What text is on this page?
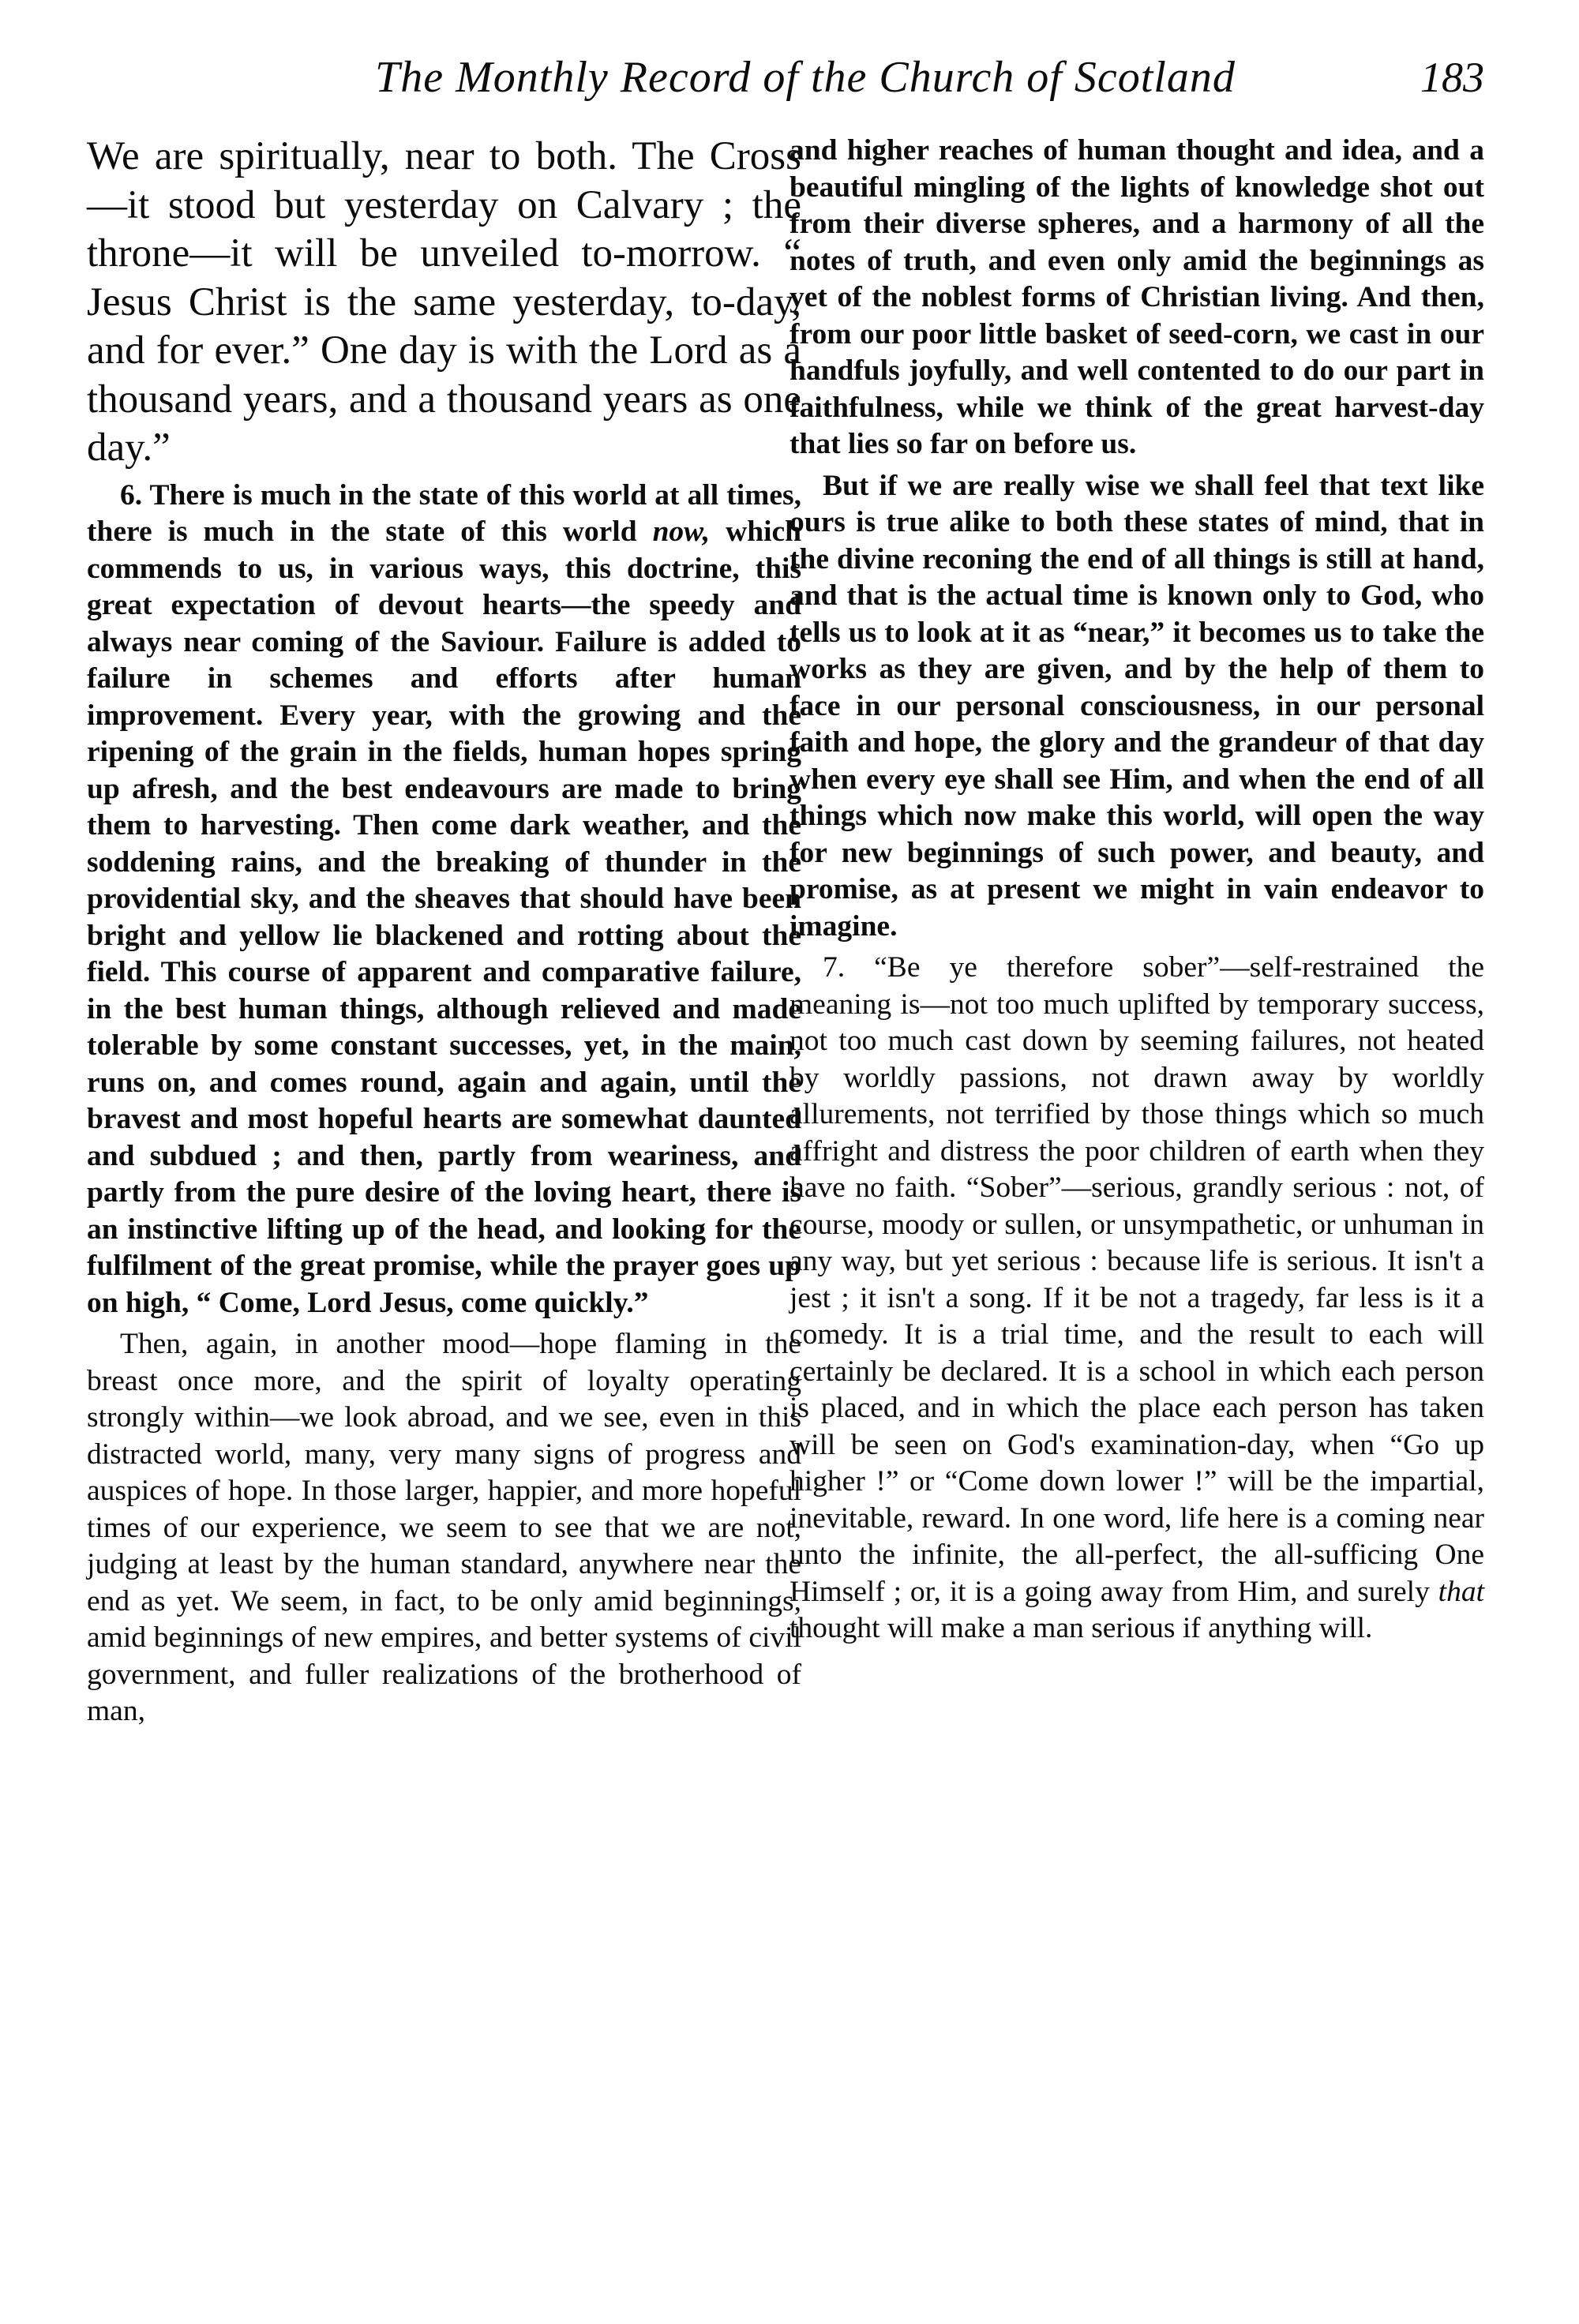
The Monthly Record of the Church of Scotland	183

We are spiritually, near to both. The Cross—it stood but yesterday on Calvary ; the throne—it will be unveiled to-morrow. “ Jesus Christ is the same yesterday, to-day, and for ever.” One day is with the Lord as a thousand years, and a thousand years as one day.”

6. There is much in the state of this world at all times, there is much in the state of this world now, which commends to us, in various ways, this doctrine, this great expectation of devout hearts—the speedy and always near coming of the Saviour. Failure is added to failure in schemes and efforts after human improvement. Every year, with the growing and the ripening of the grain in the fields, human hopes spring up afresh, and the best endeavours are made to bring them to harvesting. Then come dark weather, and the soddening rains, and the breaking of thunder in the providential sky, and the sheaves that should have been bright and yellow lie blackened and rotting about the field. This course of apparent and comparative failure, in the best human things, although relieved and made tolerable by some constant successes, yet, in the main, runs on, and comes round, again and again, until the bravest and most hopeful hearts are somewhat daunted and subdued ; and then, partly from weariness, and partly from the pure desire of the loving heart, there is an instinctive lifting up of the head, and looking for the fulfilment of the great promise, while the prayer goes up on high, “ Come, Lord Jesus, come quickly.”

Then, again, in another mood—hope flaming in the breast once more, and the spirit of loyalty operating strongly within—we look abroad, and we see, even in this distracted world, many, very many signs of progress and auspices of hope. In those larger, happier, and more hopeful times of our experience, we seem to see that we are not, judging at least by the human standard, anywhere near the end as yet. We seem, in fact, to be only amid beginnings, amid beginnings of new empires, and better systems of civil government, and fuller realizations of the brotherhood of man,

and higher reaches of human thought and idea, and a beautiful mingling of the lights of knowledge shot out from their diverse spheres, and a harmony of all the notes of truth, and even only amid the beginnings as yet of the noblest forms of Christian living. And then, from our poor little basket of seed-corn, we cast in our handfuls joyfully, and well contented to do our part in faithfulness, while we think of the great harvest-day that lies so far on before us.

But if we are really wise we shall feel that text like ours is true alike to both these states of mind, that in the divine reconing the end of all things is still at hand, and that is the actual time is known only to God, who tells us to look at it as “near,” it becomes us to take the works as they are given, and by the help of them to face in our personal consciousness, in our personal faith and hope, the glory and the grandeur of that day when every eye shall see Him, and when the end of all things which now make this world, will open the way for new beginnings of such power, and beauty, and promise, as at present we might in vain endeavor to imagine.

7. “Be ye therefore sober”—self-restrained the meaning is—not too much uplifted by temporary success, not too much cast down by seeming failures, not heated by worldly passions, not drawn away by worldly allurements, not terrified by those things which so much affright and distress the poor children of earth when they have no faith. “Sober”—serious, grandly serious : not, of course, moody or sullen, or unsympathetic, or unhuman in any way, but yet serious : because life is serious. It isn't a jest ; it isn't a song. If it be not a tragedy, far less is it a comedy. It is a trial time, and the result to each will certainly be declared. It is a school in which each person is placed, and in which the place each person has taken will be seen on God's examination-day, when “Go up higher !” or “Come down lower !” will be the impartial, inevitable, reward. In one word, life here is a coming near unto the infinite, the all-perfect, the all-sufficing One Himself ; or, it is a going away from Him, and surely that thought will make a man serious if anything will.
